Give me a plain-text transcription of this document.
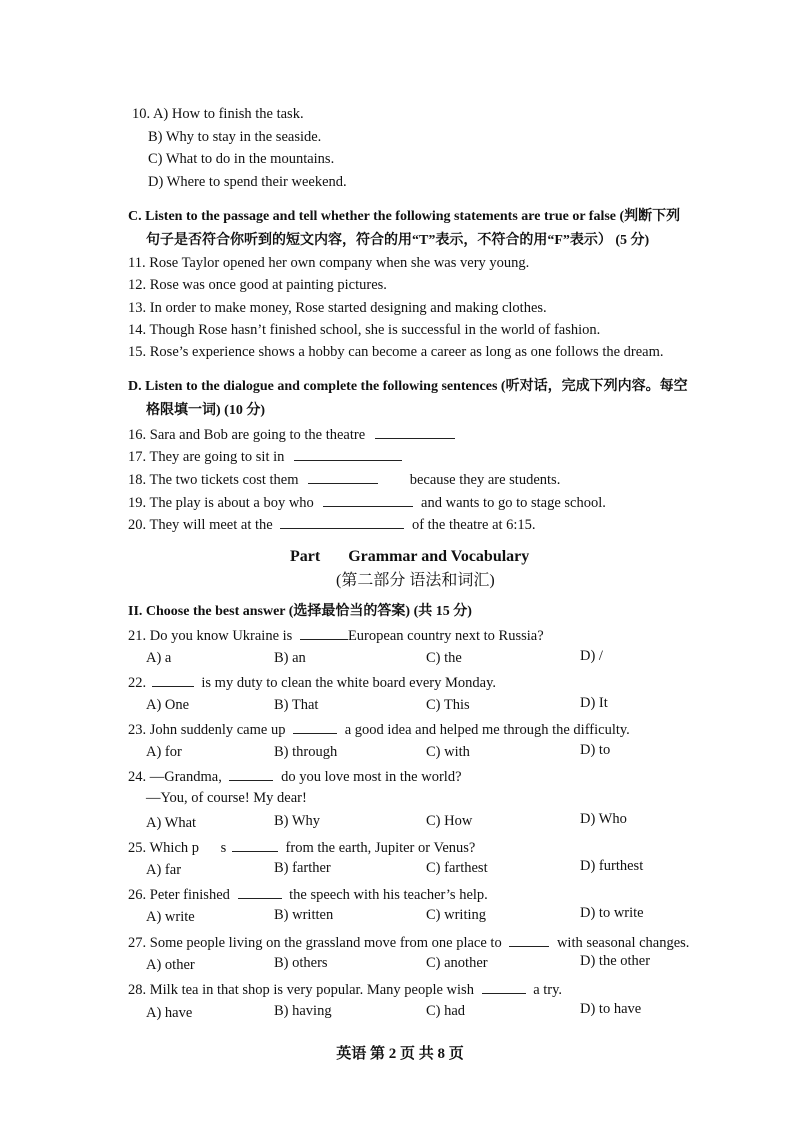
10. A) How to finish the task.
B) Why to stay in the seaside.
C) What to do in the mountains.
D) Where to spend their weekend.
C. Listen to the passage and tell whether the following statements are true or false (判断下列
句子是否符合你听到的短文内容，符合的用“T”表示，不符合的用“F”表示） (5 分)
11. Rose Taylor opened her own company when she was very young.
12. Rose was once good at painting pictures.
13. In order to make money, Rose started designing and making clothes.
14. Though Rose hasn’t finished school, she is successful in the world of fashion.
15. Rose’s experience shows a hobby can become a career as long as one follows the dream.
D. Listen to the dialogue and complete the following sentences (听对话，完成下列内容。每空
格限填一词) (10 分)
16. Sara and Bob are going to the theatre
17. They are going to sit in
18. The two tickets cost them	because they are students.
19. The play is about a boy who	and wants to go to stage school.
20. They will meet at the	of the theatre at 6:15.
Part Grammar and Vocabulary
(第二部分 语法和词汇)
II. Choose the best answer (选择最恰当的答案) (共 15 分)
21. Do you know Ukraine is	European country next to Russia?
A) a	B) an	C) the	D) /
22.	is my duty to clean the white board every Monday.
A) One	B) That	C) This	D) It
23. John suddenly came up	a good idea and helped me through the difficulty.
A) for	B) through	C) with	D) to
24. —Grandma,	do you love most in the world?
—You, of course! My dear!
A) What	B) Why	C) How	D) Who
25. Which p s	from the earth, Jupiter or Venus?
A) far	B) farther	C) farthest	D) furthest
26. Peter finished	the speech with his teacher’s help.
A) write	B) written	C) writing	D) to write
27. Some people living on the grassland move from one place to	with seasonal changes.
A) other	B) others	C) another	D) the other
28. Milk tea in that shop is very popular. Many people wish	a try.
A) have	B) having	C) had	D) to have
英语 第 2 页 共 8 页
